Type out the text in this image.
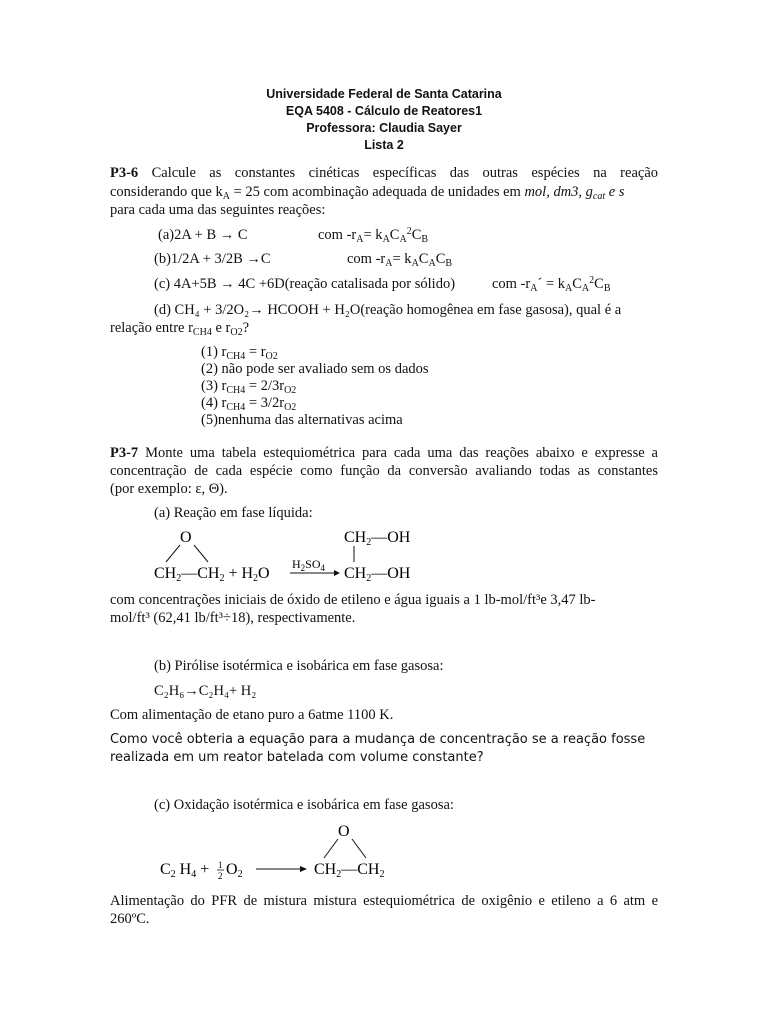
Universidade Federal de Santa Catarina
EQA 5408 - Cálculo de Reatores1
Professora: Claudia Sayer
Lista 2
P3-6 Calcule as constantes cinéticas específicas das outras espécies na reação
considerando que $k_A = 25$ com acombinação adequada de unidades em mol, dm3, $g_{cat}$ e s
para cada uma das seguintes reações:
(a)2A + B → C	com $-r_A= k_AC_A^2C_B$
(b)1/2A + 3/2B →C	com $-r_A= k_AC_AC_B$
(c) 4A+5B → 4C +6D(reação catalisada por sólido)	com $-r_A´ = k_AC_A^2C_B$
(d) CH₄ + 3/2O₂→ HCOOH + H₂O(reação homogênea em fase gasosa), qual é a
relação entre $r_{CH4}$ e $r_{O2}$?
(1) $r_{CH4} = r_{O2}$
(2) não pode ser avaliado sem os dados
(3) $r_{CH4} = 2/3r_{O2}$
(4) $r_{CH4} = 3/2r_{O2}$
(5)nenhuma das alternativas acima
P3-7 Monte uma tabela estequiométrica para cada uma das reações abaixo e expresse a
concentração de cada espécie como função da conversão avaliando todas as constantes
(por exemplo: ε, Θ).
(a) Reação em fase líquida:
O
CH2—CH2 + H2O
$H_2SO_4$
CH2—OH
CH2—OH
com concentrações iniciais de óxido de etileno e água iguais a 1 lb-mol/ft³e 3,47 lb-
mol/ft³ (62,41 lb/ft³÷18), respectivamente.
(b) Pirólise isotérmica e isobárica em fase gasosa:
C₂H₆→C₂H₄+ H₂
Com alimentação de etano puro a 6atme 1100 K.
Como você obteria a equação para a mudança de concentração se a reação fosse
realizada em um reator batelada com volume constante?
(c) Oxidação isotérmica e isobárica em fase gasosa:
C2 H4 + 1
2 O2
O
CH2—CH2
Alimentação do PFR de mistura mistura estequiométrica de oxigênio e etileno a 6 atm e
260ºC.
